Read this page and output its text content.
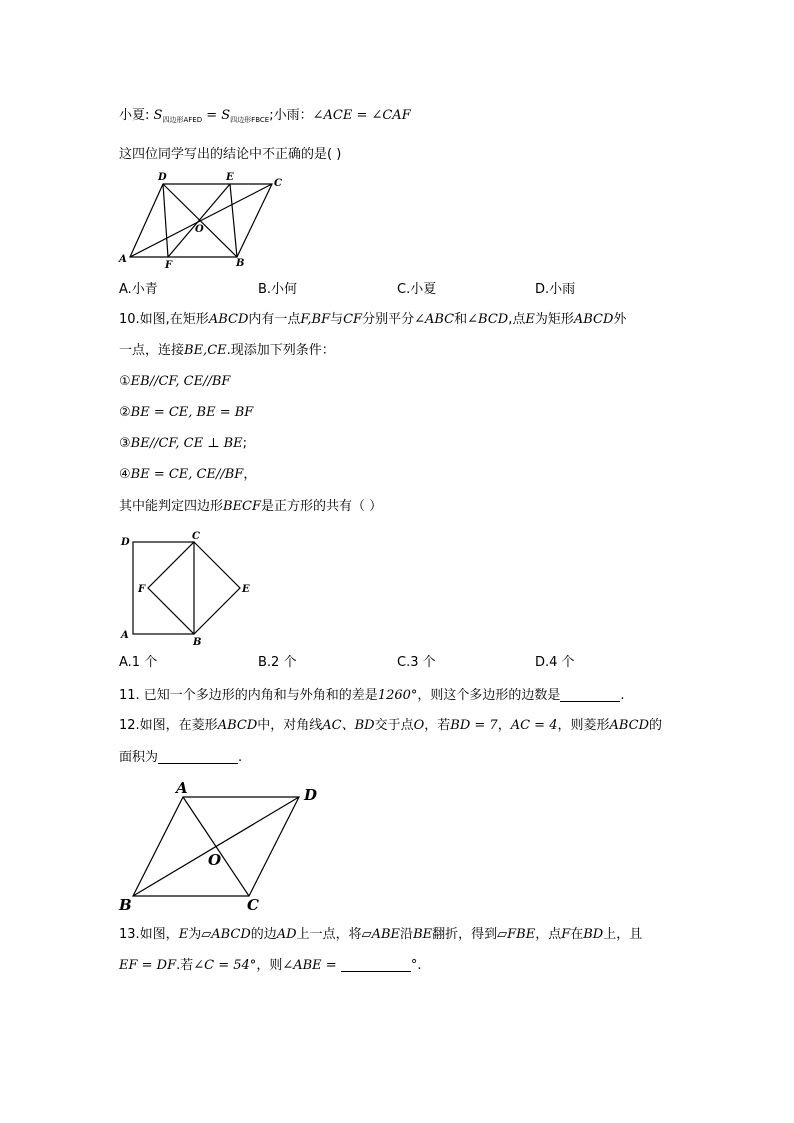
小夏: $S_{四边形AFED} = S_{四边形FBCE}$;小雨：∠ACE = ∠CAF
这四位同学写出的结论中不正确的是( )
D	E
C
O
A
F	B
A.小青	B.小何	C.小夏	D.小雨
10.如图,在矩形ABCD内有一点F,BF与CF分别平分∠ABC和∠BCD,点E为矩形ABCD外
一点，连接BE,CE.现添加下列条件：
①EB//CF, CE//BF
②BE = CE, BE = BF
③BE//CF, CE ⊥ BE;
④BE = CE, CE//BF，
其中能判定四边形BECF是正方形的共有（ ）
D
C
F	E
A
B
A.1 个	B.2 个	C.3 个	D.4 个
11. 已知一个多边形的内角和与外角和的差是1260°，则这个多边形的边数是	.
12.如图，在菱形ABCD中，对角线AC、BD交于点O，若BD = 7，AC = 4，则菱形ABCD的
面积为	.
A	D
O
B	C
13.如图，E为▱ABCD的边AD上一点，将▱ABE沿BE翻折，得到▱FBE，点F在BD上，且
EF = DF.若∠C = 54°，则∠ABE =	°.
